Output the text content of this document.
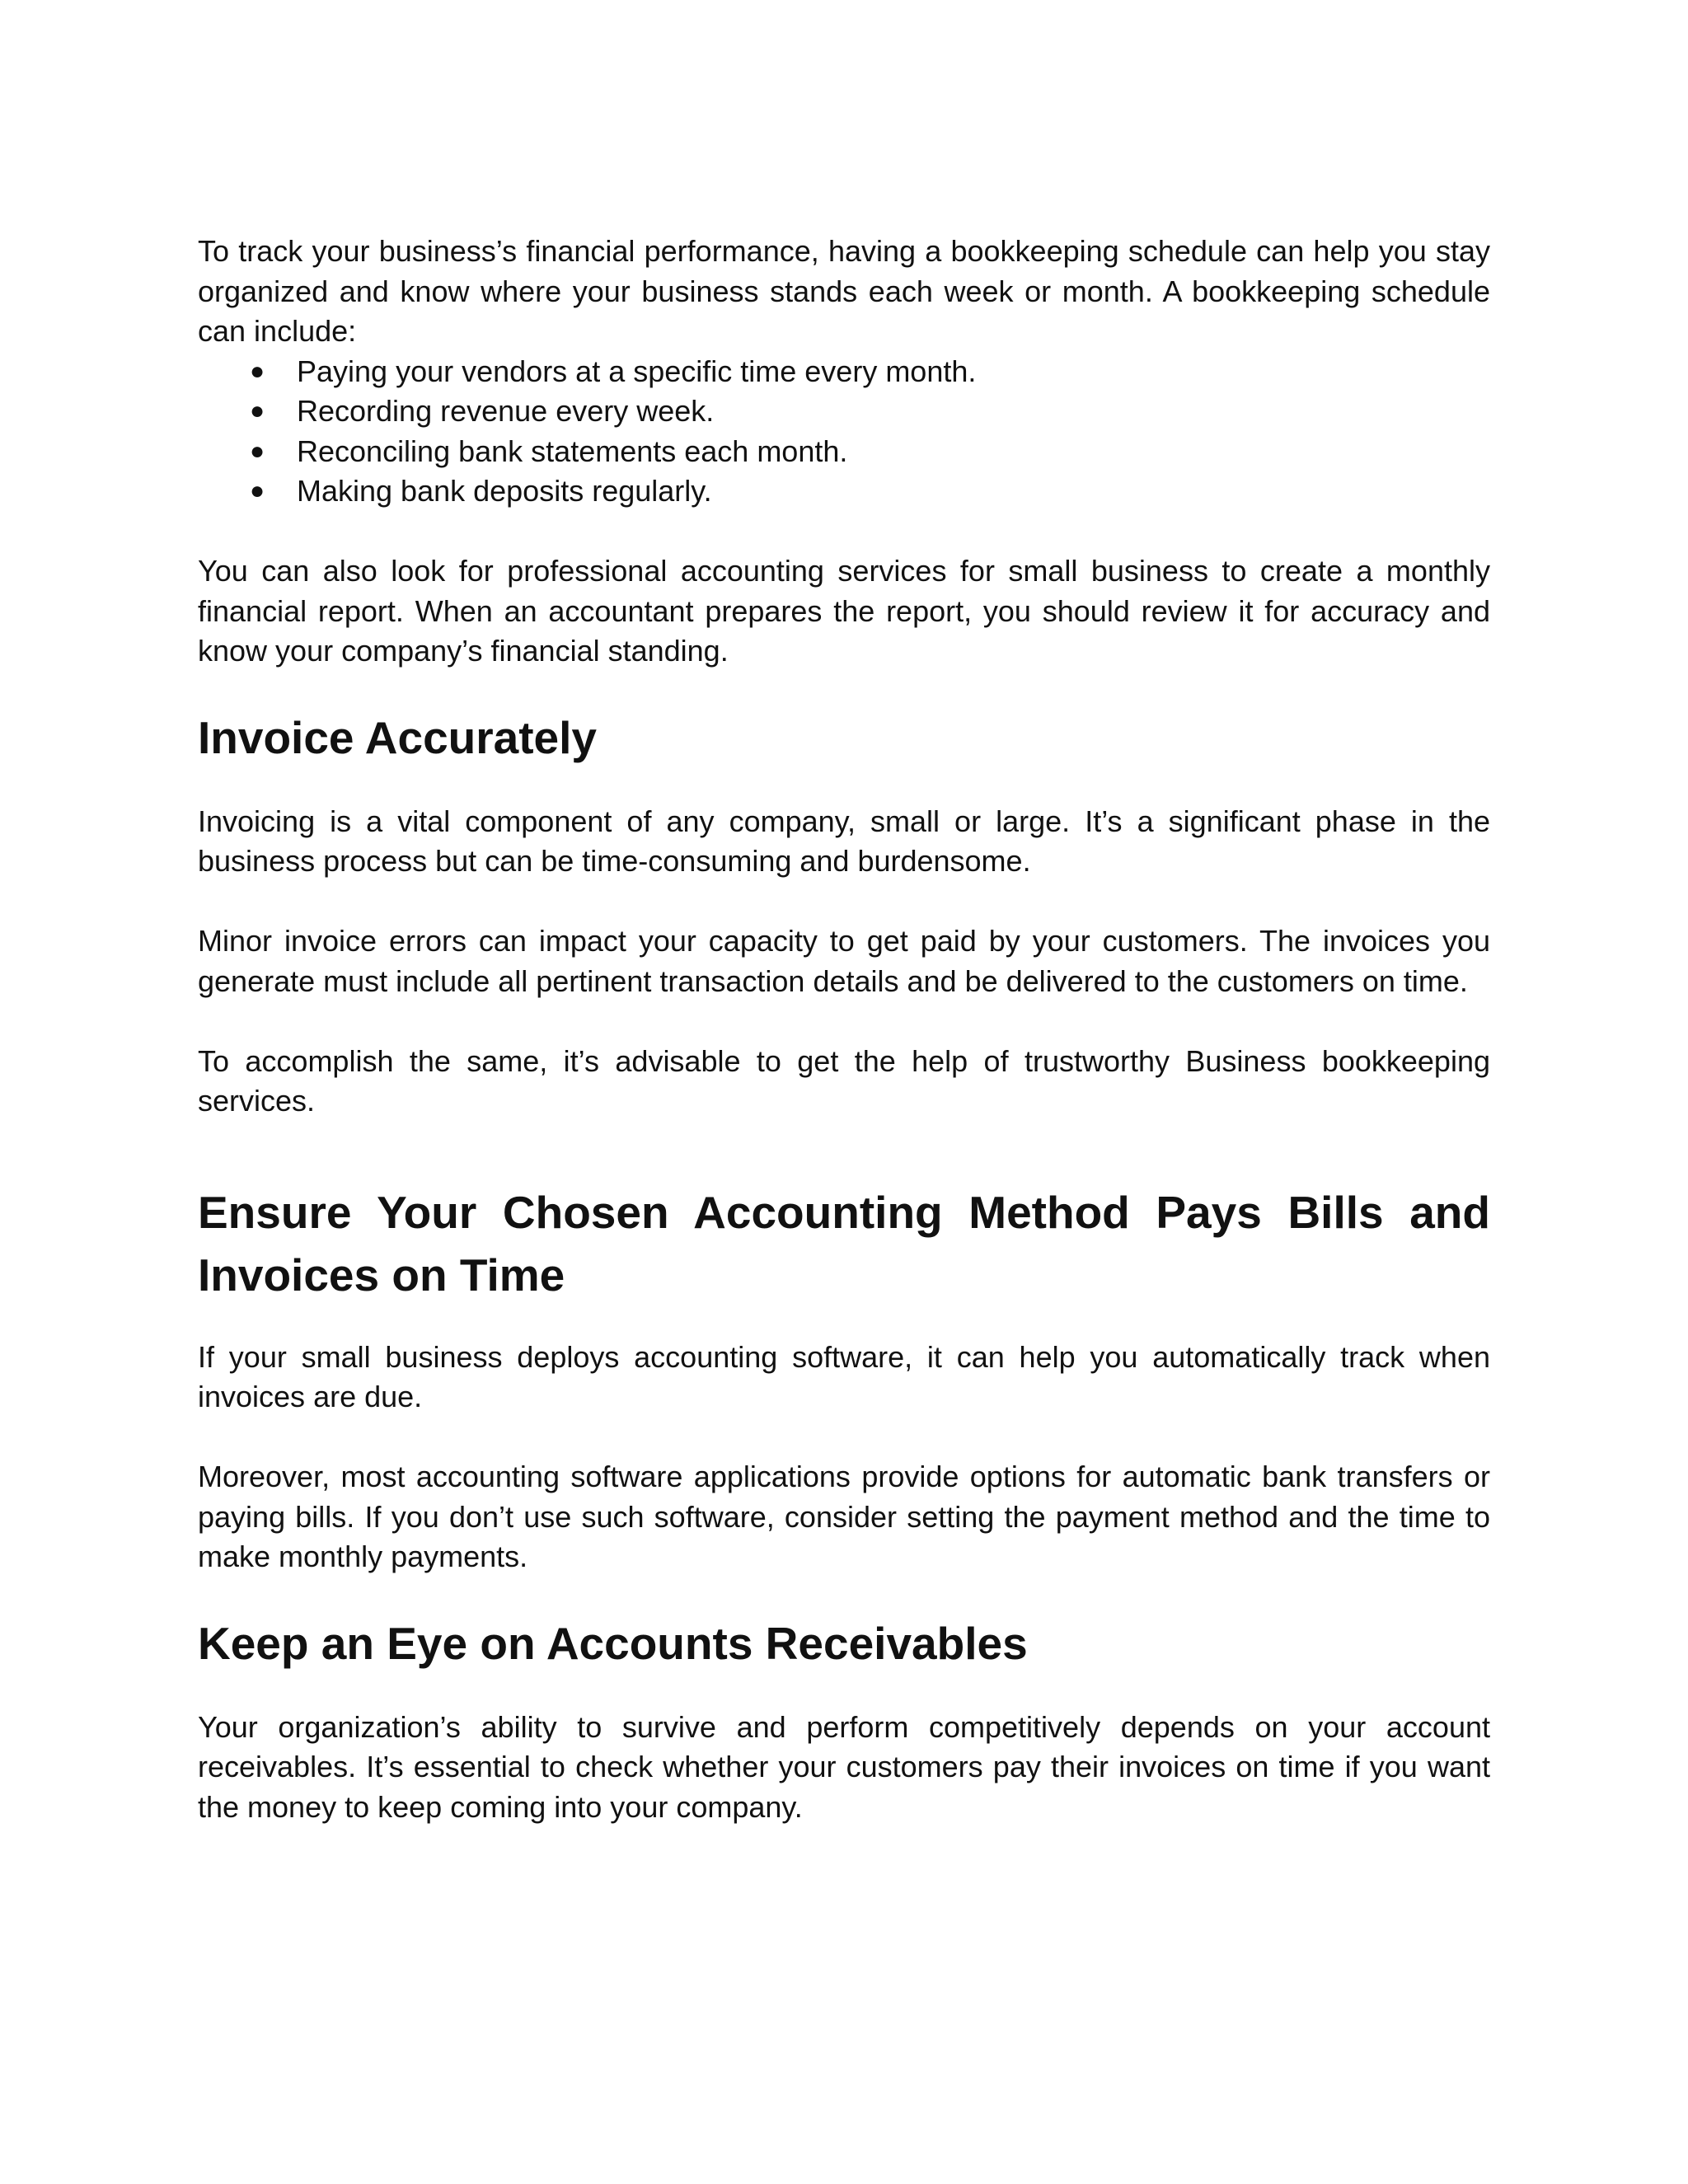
To track your business’s financial performance, having a bookkeeping schedule can help you stay organized and know where your business stands each week or month. A bookkeeping schedule can include:

● Paying your vendors at a specific time every month.
● Recording revenue every week.
● Reconciling bank statements each month.
● Making bank deposits regularly.

You can also look for professional accounting services for small business to create a monthly financial report. When an accountant prepares the report, you should review it for accuracy and know your company’s financial standing.

Invoice Accurately

Invoicing is a vital component of any company, small or large. It’s a significant phase in the business process but can be time-consuming and burdensome.

Minor invoice errors can impact your capacity to get paid by your customers. The invoices you generate must include all pertinent transaction details and be delivered to the customers on time.

To accomplish the same, it’s advisable to get the help of trustworthy Business bookkeeping services.

Ensure Your Chosen Accounting Method Pays Bills and Invoices on Time

If your small business deploys accounting software, it can help you automatically track when invoices are due.

Moreover, most accounting software applications provide options for automatic bank transfers or paying bills. If you don’t use such software, consider setting the payment method and the time to make monthly payments.

Keep an Eye on Accounts Receivables

Your organization’s ability to survive and perform competitively depends on your account receivables. It’s essential to check whether your customers pay their invoices on time if you want the money to keep coming into your company.
